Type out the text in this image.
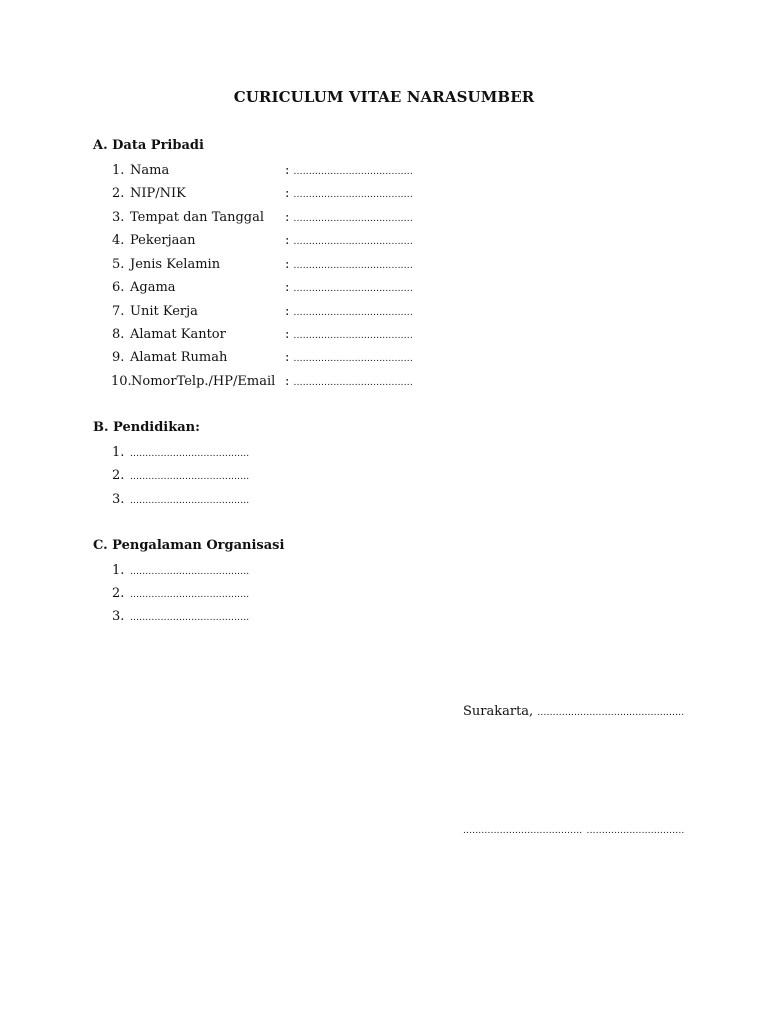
CURICULUM VITAE NARASUMBER
A. Data Pribadi
1. Nama	: .......................................
2. NIP/NIK	: .......................................
3. Tempat dan Tanggal : .......................................
4. Pekerjaan	: .......................................
5. Jenis Kelamin	: .......................................
6. Agama	: .......................................
7. Unit Kerja	: .......................................
8. Alamat Kantor	: .......................................
9. Alamat Rumah	: .......................................
10.NomorTelp./HP/Email : .......................................
B. Pendidikan:
1. .......................................
2. .......................................
3. .......................................
C. Pengalaman Organisasi
1. .......................................
2. .......................................
3. .......................................
Surakarta, ................................................
....................................... ................................
